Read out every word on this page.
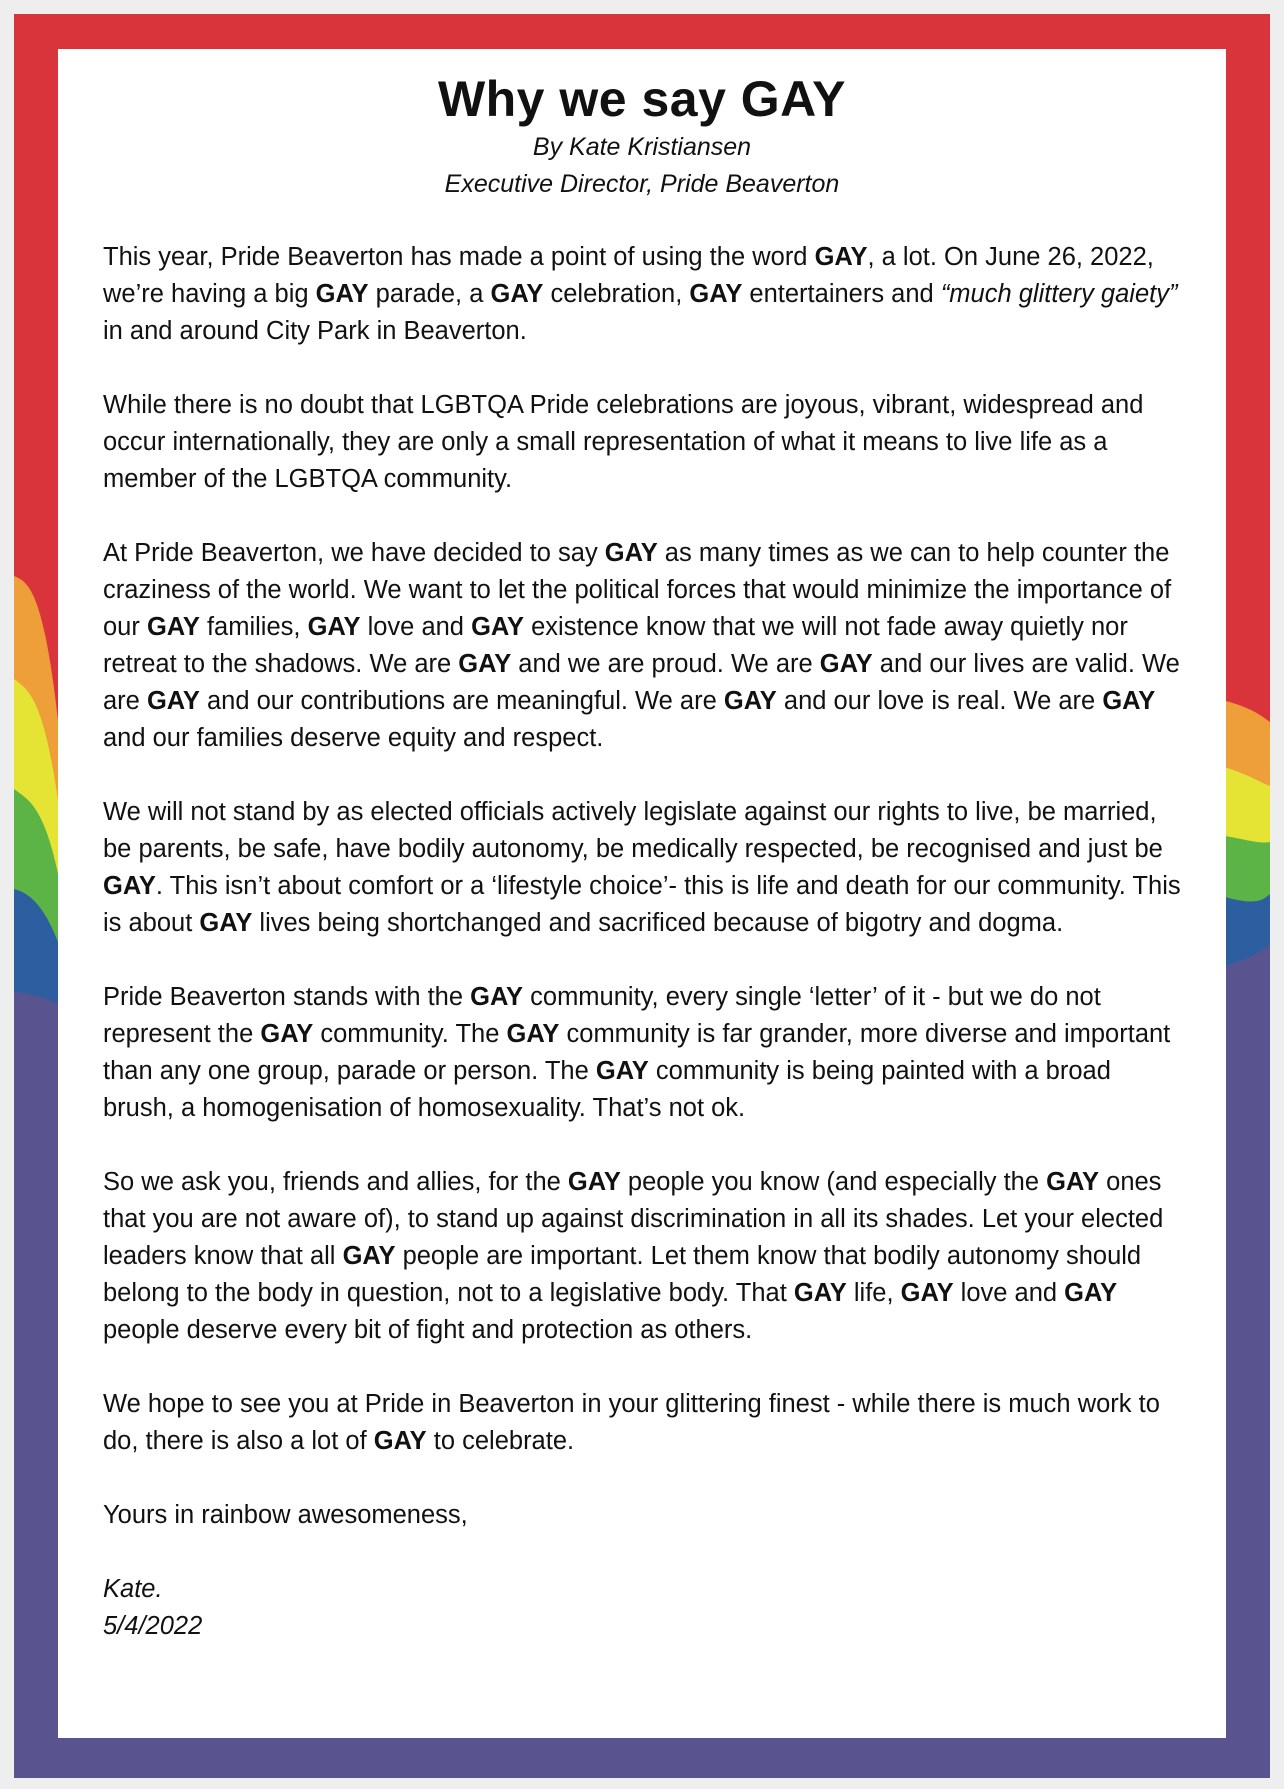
Why we say GAY

By Kate Kristiansen

Executive Director, Pride Beaverton

This year, Pride Beaverton has made a point of using the word GAY, a lot. On June 26, 2022, we’re having a big GAY parade, a GAY celebration, GAY entertainers and “much glittery gaiety” in and around City Park in Beaverton.

While there is no doubt that LGBTQA Pride celebrations are joyous, vibrant, widespread and occur internationally, they are only a small representation of what it means to live life as a member of the LGBTQA community.

At Pride Beaverton, we have decided to say GAY as many times as we can to help counter the craziness of the world. We want to let the political forces that would minimize the importance of our GAY families, GAY love and GAY existence know that we will not fade away quietly nor retreat to the shadows. We are GAY and we are proud. We are GAY and our lives are valid. We are GAY and our contributions are meaningful. We are GAY and our love is real. We are GAY and our families deserve equity and respect.

We will not stand by as elected officials actively legislate against our rights to live, be married, be parents, be safe, have bodily autonomy, be medically respected, be recognised and just be GAY. This isn’t about comfort or a ‘lifestyle choice’- this is life and death for our community. This is about GAY lives being shortchanged and sacrificed because of bigotry and dogma.

Pride Beaverton stands with the GAY community, every single ‘letter’ of it - but we do not represent the GAY community. The GAY community is far grander, more diverse and important than any one group, parade or person. The GAY community is being painted with a broad brush, a homogenisation of homosexuality. That’s not ok.

So we ask you, friends and allies, for the GAY people you know (and especially the GAY ones that you are not aware of), to stand up against discrimination in all its shades. Let your elected leaders know that all GAY people are important. Let them know that bodily autonomy should belong to the body in question, not to a legislative body. That GAY life, GAY love and GAY people deserve every bit of fight and protection as others.

We hope to see you at Pride in Beaverton in your glittering finest - while there is much work to do, there is also a lot of GAY to celebrate.

Yours in rainbow awesomeness,

Kate.

5/4/2022
